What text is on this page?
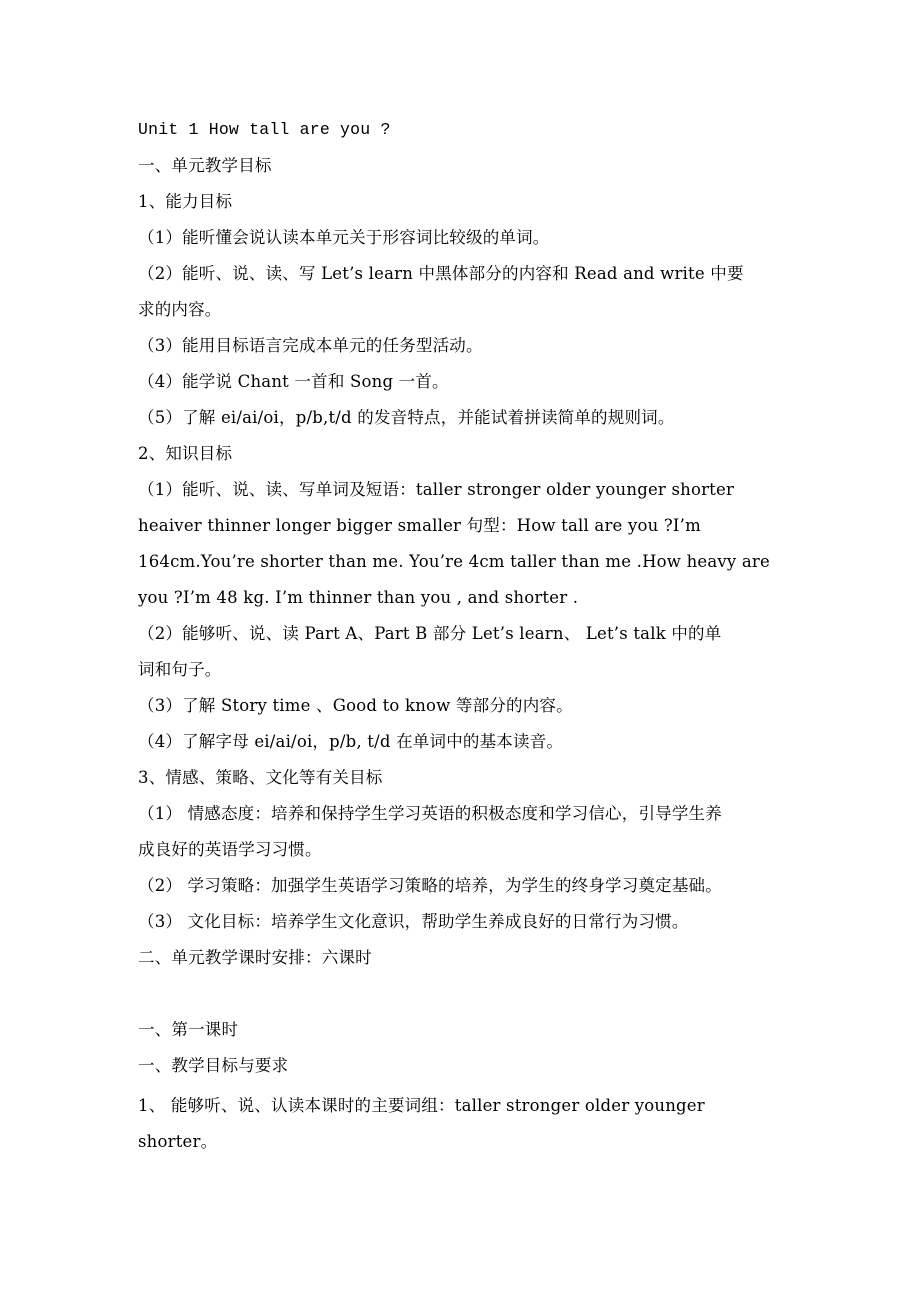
Unit 1 How tall are you ?
一、单元教学目标
1、能力目标
（1）能听懂会说认读本单元关于形容词比较级的单词。
（2）能听、说、读、写 Let’s learn 中黑体部分的内容和 Read and write 中要
求的内容。
（3）能用目标语言完成本单元的任务型活动。
（4）能学说 Chant 一首和 Song 一首。
（5）了解 ei/ai/oi，p/b,t/d 的发音特点，并能试着拼读简单的规则词。
2、知识目标
（1）能听、说、读、写单词及短语：taller stronger older younger shorter
heaiver thinner longer bigger smaller 句型：How tall are you ?I’m
164cm.You’re shorter than me. You’re 4cm taller than me .How heavy are
you ?I’m 48 kg. I’m thinner than you , and shorter .
（2）能够听、说、读 Part A、Part B 部分 Let’s learn、 Let’s talk 中的单
词和句子。
（3）了解 Story time 、Good to know 等部分的内容。
（4）了解字母 ei/ai/oi，p/b, t/d 在单词中的基本读音。
3、情感、策略、文化等有关目标
（1） 情感态度：培养和保持学生学习英语的积极态度和学习信心，引导学生养
成良好的英语学习习惯。
（2） 学习策略：加强学生英语学习策略的培养，为学生的终身学习奠定基础。
（3） 文化目标：培养学生文化意识，帮助学生养成良好的日常行为习惯。
二、单元教学课时安排：六课时
一、第一课时
一、教学目标与要求
1、 能够听、说、认读本课时的主要词组：taller stronger older younger
shorter。
